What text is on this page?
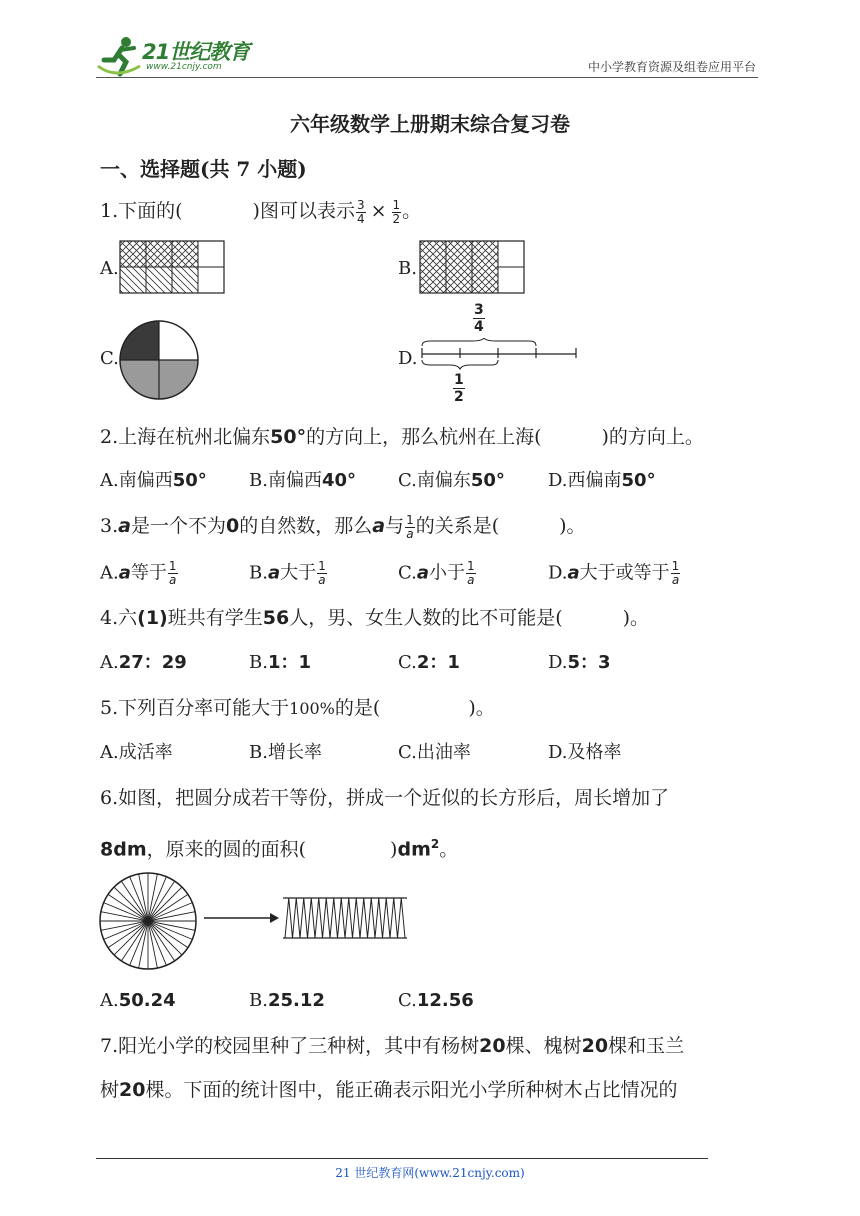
21世纪教育
www.21cnjy.com	中小学教育资源及组卷应用平台
六年级数学上册期末综合复习卷
一、选择题(共 7 小题)
1.下面的(	)图可以表示 $\frac{3}{4} \times \frac{1}{2}$ 。
A.	B.
C.	D.
$\frac{3}{4}$
$\frac{1}{2}$
2.上海在杭州北偏东50°的方向上，那么杭州在上海(	)的方向上。
A.南偏西50° B.南偏西40° C.南偏东50° D.西偏南50°
3.a是一个不为0的自然数，那么a与 $\frac{1}{a}$ 的关系是(	)。
A.a等于 $\frac{1}{a}$	B.a大于 $\frac{1}{a}$	C.a小于 $\frac{1}{a}$	D.a大于或等于 $\frac{1}{a}$
4.六(1)班共有学生56人，男、女生人数的比不可能是(	)。
A.27：29	B.1：1	C.2：1	D.5：3
5.下列百分率可能大于100%的是(	)。
A.成活率	B.增长率	C.出油率	D.及格率
6.如图，把圆分成若干等份，拼成一个近似的长方形后，周长增加了
8dm，原来的圆的面积(	)$dm^2$。
A.50.24	B.25.12	C.12.56
7.阳光小学的校园里种了三种树，其中有杨树20棵、槐树20棵和玉兰
树20棵。下面的统计图中，能正确表示阳光小学所种树木占比情况的
21 世纪教育网(www.21cnjy.com)
